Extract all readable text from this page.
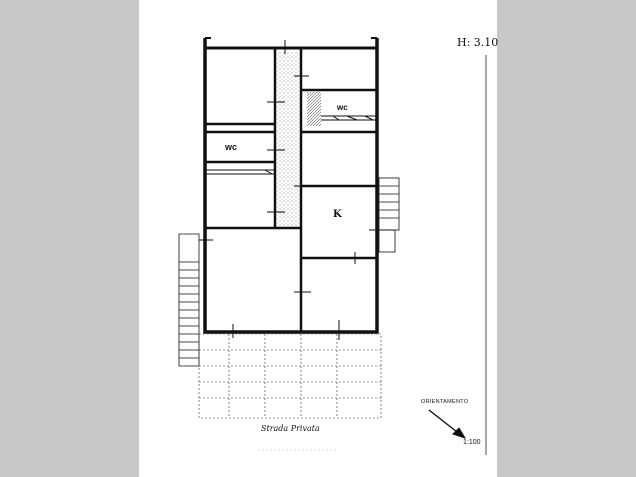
H: 3.10
wc
wc
K
Strada Privata
ORIENTAMENTO
1:100
